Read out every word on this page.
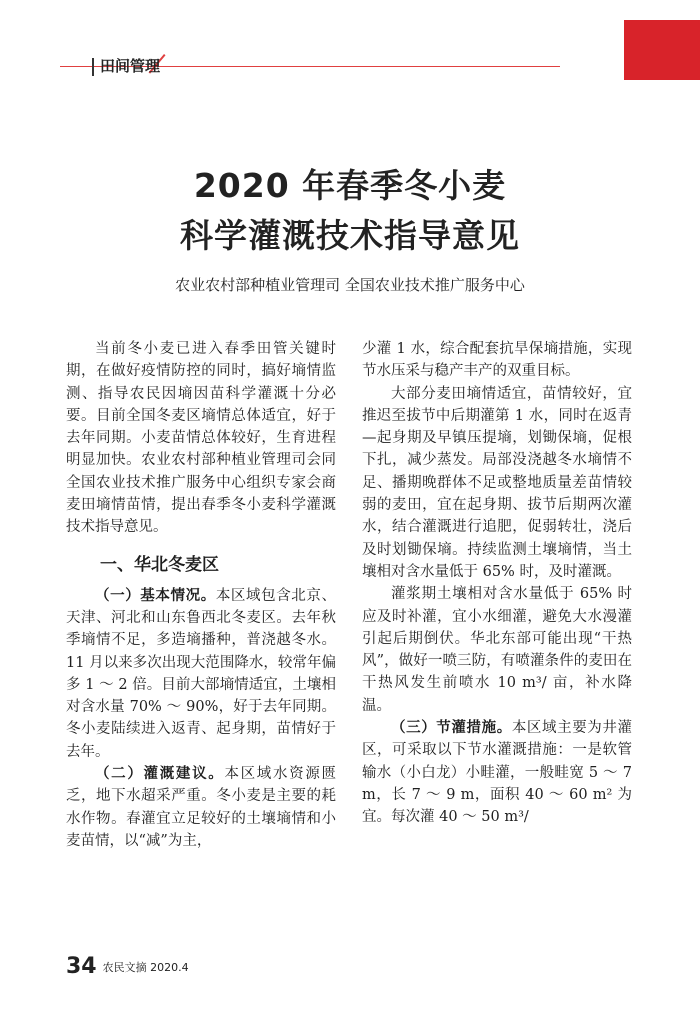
田间管理
2020 年春季冬小麦
科学灌溉技术指导意见
农业农村部种植业管理司 全国农业技术推广服务中心

当前冬小麦已进入春季田管关键时期，在做好疫情防控的同时，搞好墒情监测、指导农民因墒因苗科学灌溉十分必要。目前全国冬麦区墒情总体适宜，好于去年同期。小麦苗情总体较好，生育进程明显加快。农业农村部种植业管理司会同全国农业技术推广服务中心组织专家会商麦田墒情苗情，提出春季冬小麦科学灌溉技术指导意见。

一、华北冬麦区

（一）基本情况。本区域包含北京、天津、河北和山东鲁西北冬麦区。去年秋季墒情不足，多造墒播种，普浇越冬水。11 月以来多次出现大范围降水，较常年偏多 1 ～ 2 倍。目前大部墒情适宜，土壤相对含水量 70% ～ 90%，好于去年同期。冬小麦陆续进入返青、起身期，苗情好于去年。

（二）灌溉建议。本区域水资源匮乏，地下水超采严重。冬小麦是主要的耗水作物。春灌宜立足较好的土壤墒情和小麦苗情，以“减”为主，

少灌 1 水，综合配套抗旱保墒措施，实现节水压采与稳产丰产的双重目标。

大部分麦田墒情适宜，苗情较好，宜推迟至拔节中后期灌第 1 水，同时在返青—起身期及早镇压提墒，划锄保墒，促根下扎，减少蒸发。局部没浇越冬水墒情不足、播期晚群体不足或整地质量差苗情较弱的麦田，宜在起身期、拔节后期两次灌水，结合灌溉进行追肥，促弱转壮，浇后及时划锄保墒。持续监测土壤墒情，当土壤相对含水量低于 65% 时，及时灌溉。

灌浆期土壤相对含水量低于 65% 时应及时补灌，宜小水细灌，避免大水漫灌引起后期倒伏。华北东部可能出现“干热风”，做好一喷三防，有喷灌条件的麦田在干热风发生前喷水 10 m³/ 亩，补水降温。

（三）节灌措施。本区域主要为井灌区，可采取以下节水灌溉措施：一是软管输水（小白龙）小畦灌，一般畦宽 5 ～ 7 m，长 7 ～ 9 m，面积 40 ～ 60 m² 为宜。每次灌 40 ～ 50 m³/

34 农民文摘 2020.4
